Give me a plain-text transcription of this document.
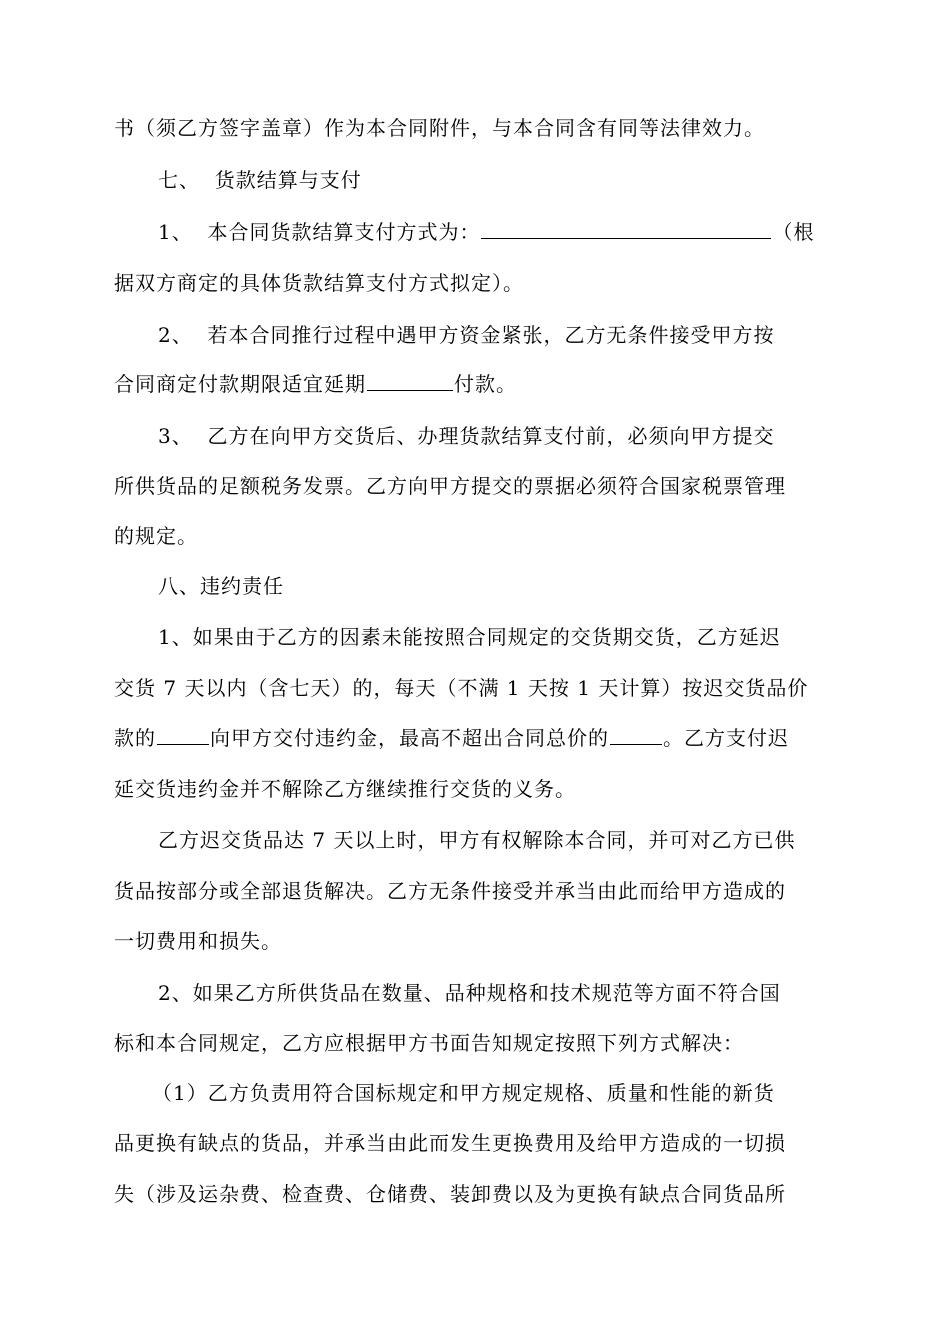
书（须乙方签字盖章）作为本合同附件，与本合同含有同等法律效力。
七、  货款结算与支付
1、  本合同货款结算支付方式为：	（根
据双方商定的具体货款结算支付方式拟定）。
2、  若本合同推行过程中遇甲方资金紧张，乙方无条件接受甲方按
合同商定付款期限适宜延期	付款。
3、  乙方在向甲方交货后、办理货款结算支付前，必须向甲方提交
所供货品的足额税务发票。乙方向甲方提交的票据必须符合国家税票管理
的规定。
八、违约责任
1、如果由于乙方的因素未能按照合同规定的交货期交货，乙方延迟
交货 7 天以内（含七天）的，每天（不满 1 天按 1 天计算）按迟交货品价
款的	向甲方交付违约金，最高不超出合同总价的	。乙方支付迟
延交货违约金并不解除乙方继续推行交货的义务。
乙方迟交货品达 7 天以上时，甲方有权解除本合同，并可对乙方已供
货品按部分或全部退货解决。乙方无条件接受并承当由此而给甲方造成的
一切费用和损失。
2、如果乙方所供货品在数量、品种规格和技术规范等方面不符合国
标和本合同规定，乙方应根据甲方书面告知规定按照下列方式解决：
（1）乙方负责用符合国标规定和甲方规定规格、质量和性能的新货
品更换有缺点的货品，并承当由此而发生更换费用及给甲方造成的一切损
失（涉及运杂费、检查费、仓储费、装卸费以及为更换有缺点合同货品所
